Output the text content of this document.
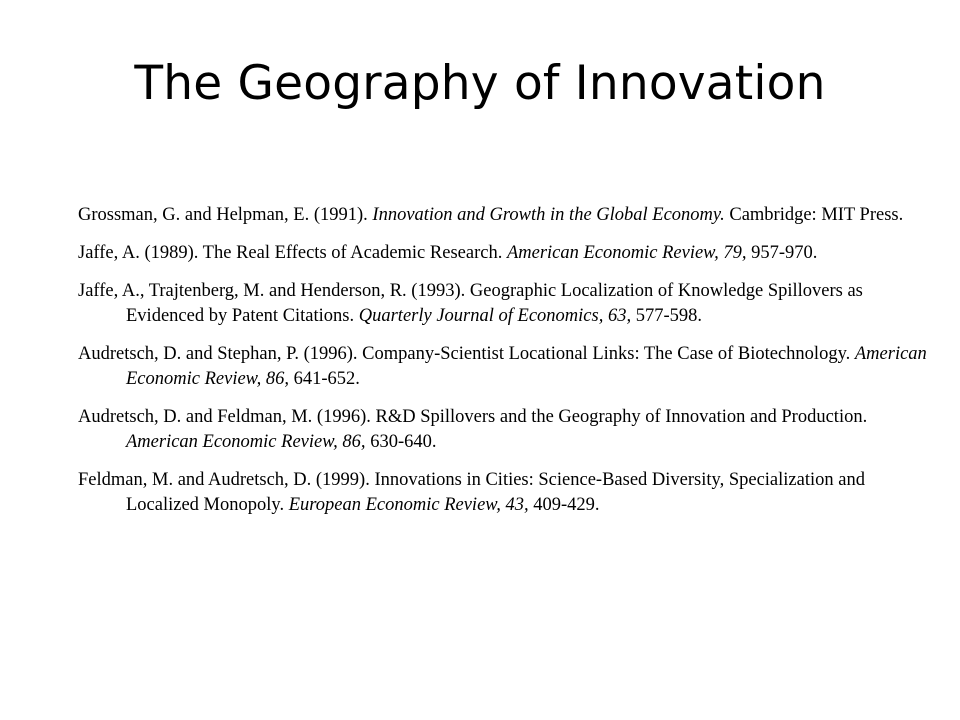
The Geography of Innovation
Grossman, G. and Helpman, E. (1991). Innovation and Growth in the Global Economy. Cambridge: MIT Press.
Jaffe, A. (1989). The Real Effects of Academic Research. American Economic Review, 79, 957-970.
Jaffe, A., Trajtenberg, M. and Henderson, R. (1993). Geographic Localization of Knowledge Spillovers as Evidenced by Patent Citations. Quarterly Journal of Economics, 63, 577-598.
Audretsch, D. and Stephan, P. (1996). Company-Scientist Locational Links: The Case of Biotechnology. American Economic Review, 86, 641-652.
Audretsch, D. and Feldman, M. (1996). R&D Spillovers and the Geography of Innovation and Production. American Economic Review, 86, 630-640.
Feldman, M. and Audretsch, D. (1999). Innovations in Cities: Science-Based Diversity, Specialization and Localized Monopoly. European Economic Review, 43, 409-429.
